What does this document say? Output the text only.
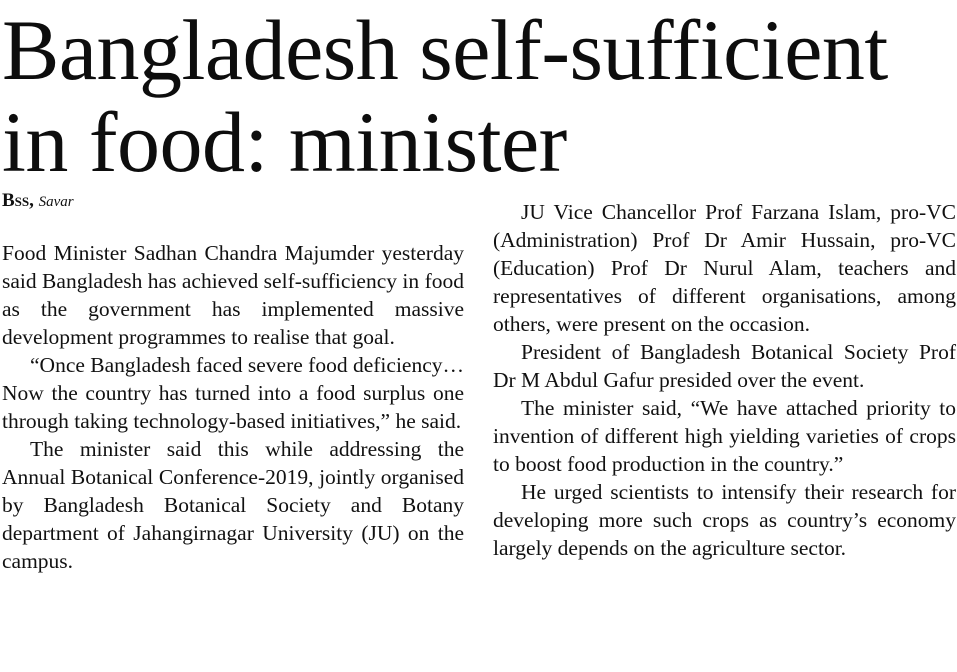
Bangladesh self-sufficient
in food: minister
Bss, Savar

Food Minister Sadhan Chandra Majumder yesterday said Bangladesh has achieved self-sufficiency in food as the government has implemented massive development programmes to realise that goal.

“Once Bangladesh faced severe food deficiency… Now the country has turned into a food surplus one through taking technology-based initiatives,” he said.

The minister said this while addressing the Annual Botanical Conference-2019, jointly organised by Bangladesh Botanical Society and Botany department of Jahangirnagar University (JU) on the campus.

JU Vice Chancellor Prof Farzana Islam, pro-VC (Administration) Prof Dr Amir Hussain, pro-VC (Education) Prof Dr Nurul Alam, teachers and representatives of different organisations, among others, were present on the occasion.

President of Bangladesh Botanical Society Prof Dr M Abdul Gafur presided over the event.

The minister said, “We have attached priority to invention of different high yielding varieties of crops to boost food production in the country.”

He urged scientists to intensify their research for developing more such crops as country’s economy largely depends on the agriculture sector.
